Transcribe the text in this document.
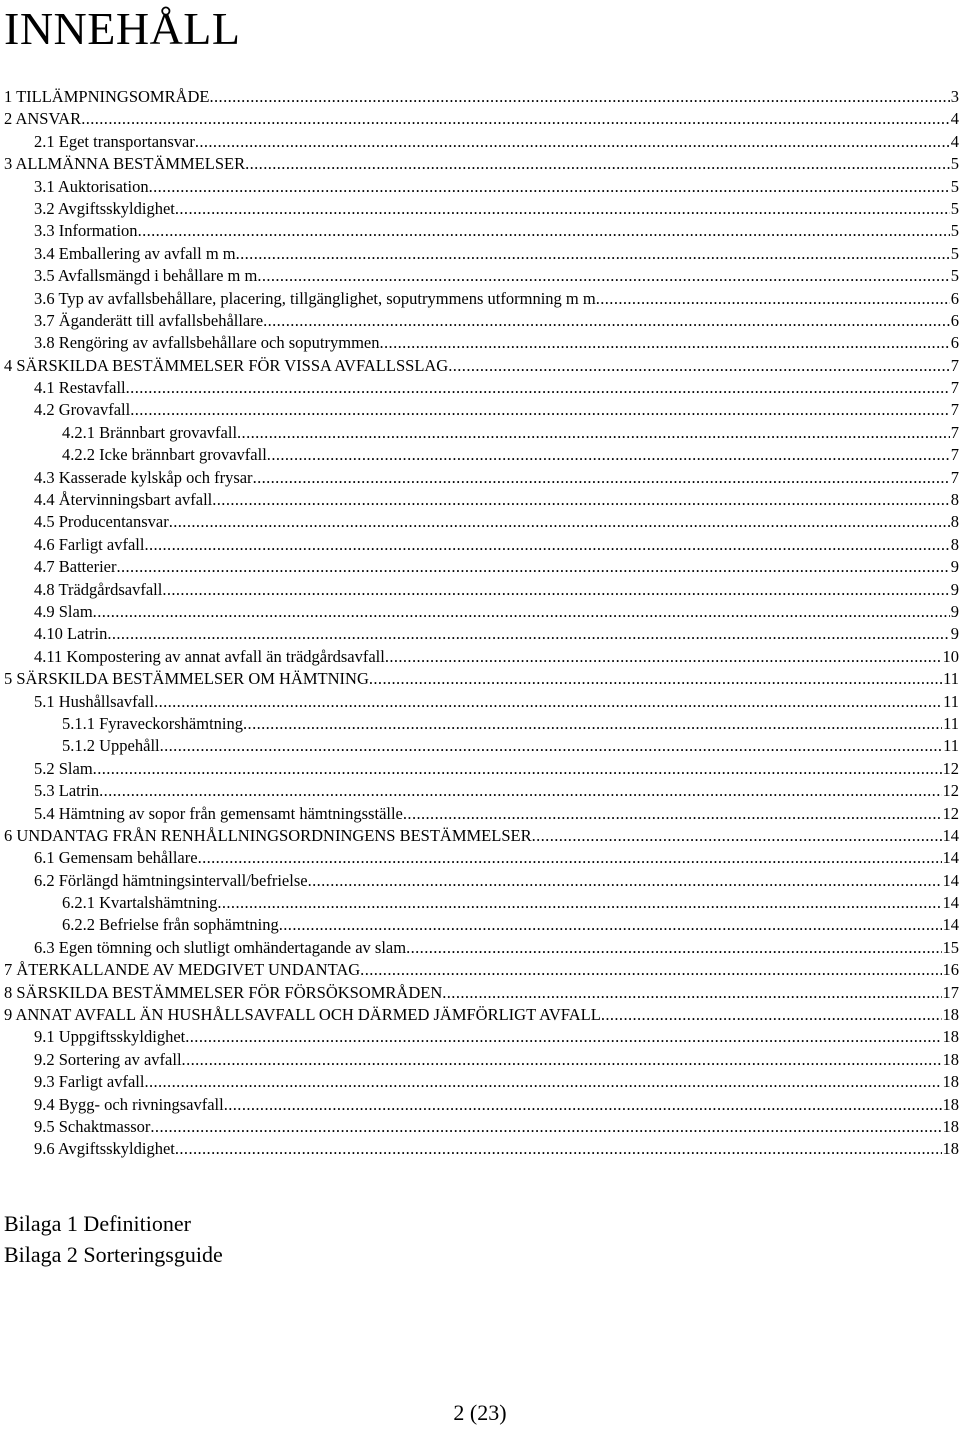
INNEHÅLL
1 TILLÄMPNINGSOMRÅDE .....	3
2 ANSVAR .....	4
2.1 Eget transportansvar .....	4
3 ALLMÄNNA BESTÄMMELSER .....	5
3.1 Auktorisation .....	5
3.2 Avgiftsskyldighet .....	5
3.3 Information .....	5
3.4 Emballering av avfall m m .....	5
3.5 Avfallsmängd i behållare m m .....	5
3.6 Typ av avfallsbehållare, placering, tillgänglighet, soputrymmens utformning m m .....	6
3.7 Äganderätt till avfallsbehållare .....	6
3.8 Rengöring av avfallsbehållare och soputrymmen .....	6
4 SÄRSKILDA BESTÄMMELSER FÖR VISSA AVFALLSSLAG .....	7
4.1 Restavfall .....	7
4.2 Grovavfall .....	7
4.2.1 Brännbart grovavfall .....	7
4.2.2 Icke brännbart grovavfall .....	7
4.3 Kasserade kylskåp och frysar .....	7
4.4 Återvinningsbart avfall .....	8
4.5 Producentansvar .....	8
4.6 Farligt avfall .....	8
4.7 Batterier .....	9
4.8 Trädgårdsavfall .....	9
4.9 Slam .....	9
4.10 Latrin .....	9
4.11 Kompostering av annat avfall än trädgårdsavfall .....	10
5 SÄRSKILDA BESTÄMMELSER OM HÄMTNING .....	11
5.1 Hushållsavfall .....	11
5.1.1 Fyraveckorshämtning .....	11
5.1.2 Uppehåll .....	11
5.2 Slam .....	12
5.3 Latrin .....	12
5.4 Hämtning av sopor från gemensamt hämtningsställe .....	12
6 UNDANTAG FRÅN RENHÅLLNINGSORDNINGENS BESTÄMMELSER .....	14
6.1 Gemensam behållare .....	14
6.2 Förlängd hämtningsintervall/befrielse .....	14
6.2.1 Kvartalshämtning .....	14
6.2.2 Befrielse från sophämtning .....	14
6.3 Egen tömning och slutligt omhändertagande av slam .....	15
7 ÅTERKALLANDE AV MEDGIVET UNDANTAG .....	16
8 SÄRSKILDA BESTÄMMELSER FÖR FÖRSÖKSOMRÅDEN .....	17
9 ANNAT AVFALL ÄN HUSHÅLLSAVFALL OCH DÄRMED JÄMFÖRLIGT AVFALL .....	18
9.1 Uppgiftsskyldighet .....	18
9.2 Sortering av avfall .....	18
9.3 Farligt avfall .....	18
9.4 Bygg- och rivningsavfall .....	18
9.5 Schaktmassor .....	18
9.6 Avgiftsskyldighet .....	18
Bilaga 1 Definitioner
Bilaga 2 Sorteringsguide
2 (23)
